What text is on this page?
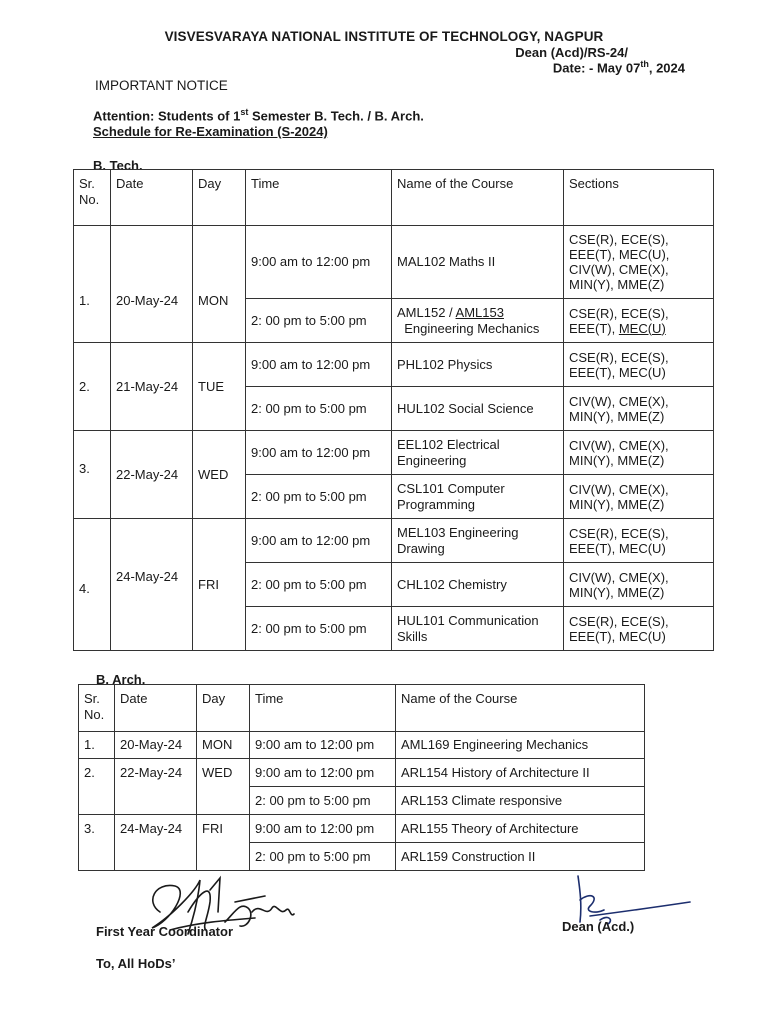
VISVESVARAYA NATIONAL INSTITUTE OF TECHNOLOGY, NAGPUR
Dean (Acd)/RS-24/
Date: - May 07th, 2024
IMPORTANT NOTICE
Attention: Students of 1st Semester B. Tech. / B. Arch.
Schedule for Re-Examination (S-2024)
B. Tech.
Sr. No.	Date	Day	Time	Name of the Course	Sections
1.	20-May-24	MON	9:00 am to 12:00 pm	MAL102 Maths II	CSE(R), ECE(S), EEE(T), MEC(U), CIV(W), CME(X), MIN(Y), MME(Z)
			2: 00 pm to 5:00 pm	AML152 / AML153
Engineering Mechanics	CSE(R), ECE(S),
EEE(T), MEC(U)
2.	21-May-24	TUE	9:00 am to 12:00 pm	PHL102 Physics	CSE(R), ECE(S), EEE(T), MEC(U)
			2: 00 pm to 5:00 pm	HUL102 Social Science	CIV(W), CME(X), MIN(Y), MME(Z)
3.	22-May-24	WED	9:00 am to 12:00 pm	EEL102 Electrical Engineering	CIV(W), CME(X), MIN(Y), MME(Z)
			2: 00 pm to 5:00 pm	CSL101 Computer Programming	CIV(W), CME(X), MIN(Y), MME(Z)
4.	24-May-24	FRI	9:00 am to 12:00 pm	MEL103 Engineering Drawing	CSE(R), ECE(S), EEE(T), MEC(U)
			2: 00 pm to 5:00 pm	CHL102 Chemistry	CIV(W), CME(X), MIN(Y), MME(Z)
			2: 00 pm to 5:00 pm	HUL101 Communication Skills	CSE(R), ECE(S), EEE(T), MEC(U)
B. Arch.
Sr. No.	Date	Day	Time	Name of the Course
1.	20-May-24	MON	9:00 am to 12:00 pm	AML169 Engineering Mechanics
2.	22-May-24	WED	9:00 am to 12:00 pm	ARL154 History of Architecture II
			2: 00 pm to 5:00 pm	ARL153 Climate responsive
3.	24-May-24	FRI	9:00 am to 12:00 pm	ARL155 Theory of Architecture
			2: 00 pm to 5:00 pm	ARL159 Construction II
First Year Coordinator	Dean (Acd.)
To, All HoDs’
